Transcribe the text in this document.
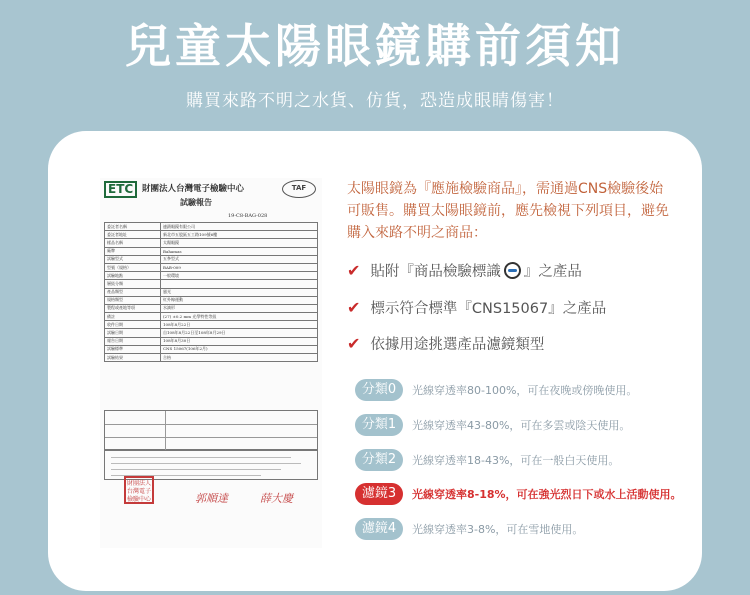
兒童太陽眼鏡購前須知
購買來路不明之水貨、仿貨，恐造成眼睛傷害！
ETC	財團法人台灣電子檢驗中心	TAF
試驗報告
19-C8-BAG-028
委託者名稱	連鎖眼鏡有限公司
委託者地址	新北市五股區五工路109號6樓
樣品名稱	太陽眼鏡
廠牌	Bahamas
試驗型式	五參型式
型號（規格）	BAB-009
試驗地點	一般環境
層級分類	
產品類型	風光
規格類型	紅外線運動
製程或產地等項	水滴形
備註	(27) ±0.2 mm 光學特性等級
收件日期	108年8月22日
試驗日期	自108年8月22日至108年8月29日
報告日期	108年8月30日
試驗標準	CNS 15067(106年2月)
試驗結果	合格
財團法人台灣電子檢驗中心	郭順達	薛大慶
太陽眼鏡為『應施檢驗商品』，需通過CNS檢驗後始可販售。購買太陽眼鏡前，應先檢視下列項目，避免購入來路不明之商品：
✔ 貼附『商品檢驗標識 』之產品
✔ 標示符合標準『CNS15067』之產品
✔ 依據用途挑選產品濾鏡類型
分類0 光線穿透率80-100%，可在夜晚或傍晚使用。
分類1 光線穿透率43-80%，可在多雲或陰天使用。
分類2 光線穿透率18-43%，可在一般白天使用。
濾鏡3 光線穿透率8-18%，可在強光烈日下或水上活動使用。
濾鏡4 光線穿透率3-8%，可在雪地使用。
